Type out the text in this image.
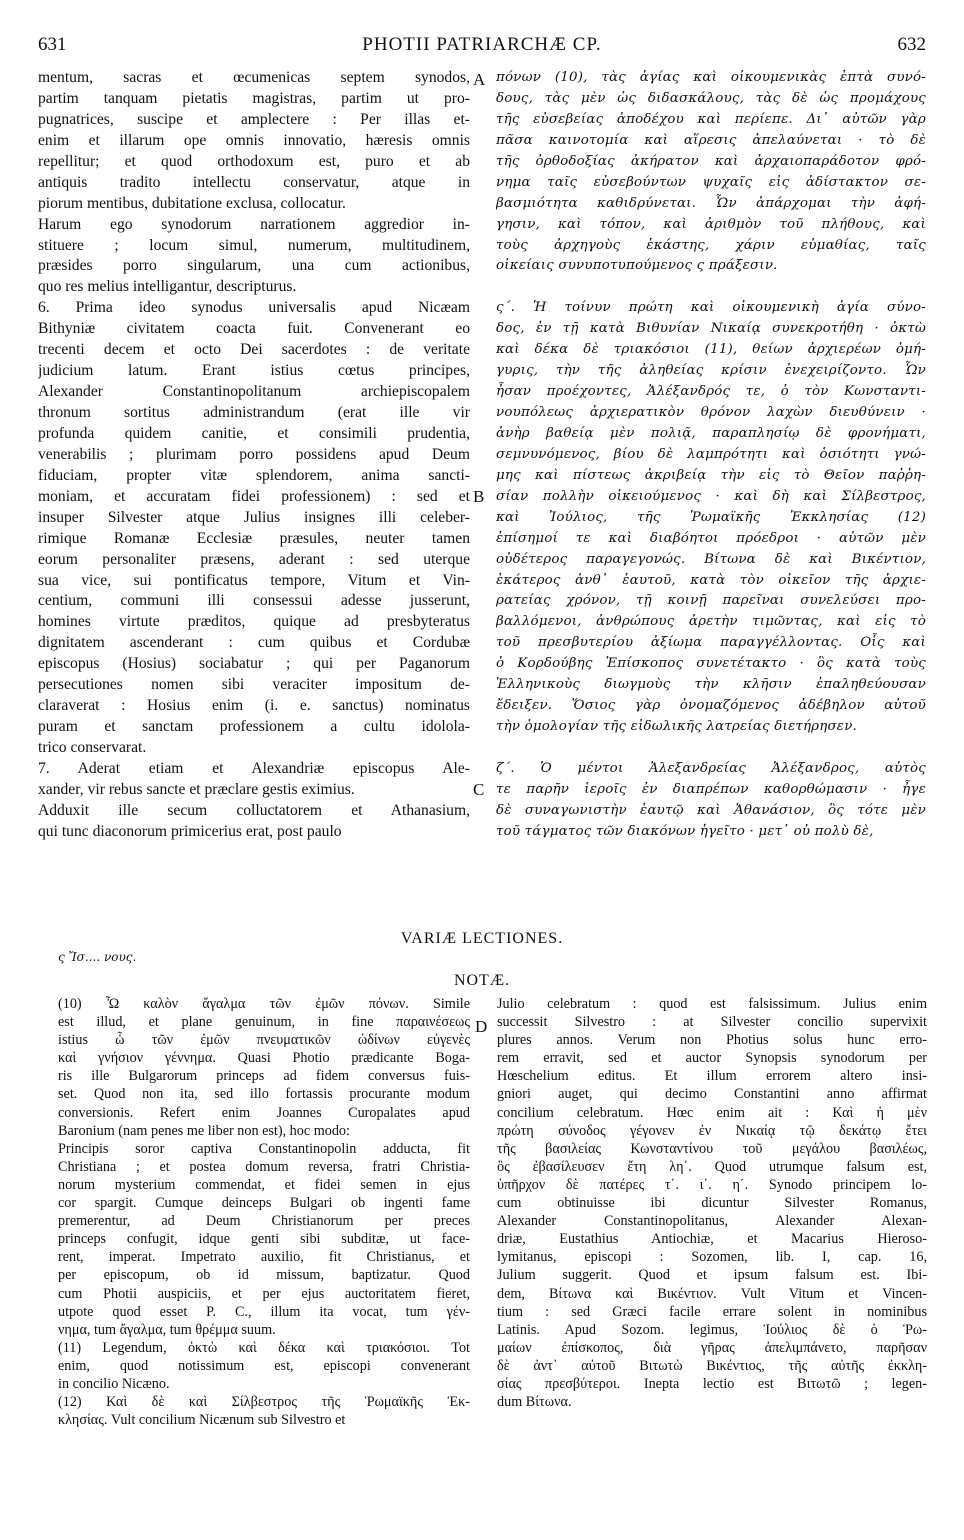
631	PHOTII PATRIARCHÆ CP.	632
mentum, sacras et œcumenicas septem synodos,
partim tanquam pietatis magistras, partim ut pro-
pugnatrices, suscipe et amplectere : Per illas et-
enim et illarum ope omnis innovatio, hæresis omnis
repellitur; et quod orthodoxum est, puro et ab
antiquis tradito intellectu conservatur, atque in
piorum mentibus, dubitatione exclusa, collocatur.
Harum ego synodorum narrationem aggredior in-
stituere ; locum simul, numerum, multitudinem,
præsides porro singularum, una cum actionibus,
quo res melius intelligantur, descripturus.
6. Prima ideo synodus universalis apud Nicæam
Bithyniæ civitatem coacta fuit. Convenerant eo
trecenti decem et octo Dei sacerdotes : de veritate
judicium latum. Erant istius cœtus principes,
Alexander Constantinopolitanum archiepiscopalem
thronum sortitus administrandum (erat ille vir
profunda quidem canitie, et consimili prudentia,
venerabilis ; plurimam porro possidens apud Deum
fiduciam, propter vitæ splendorem, anima sancti-
moniam, et accuratam fidei professionem) : sed et
insuper Silvester atque Julius insignes illi celeber-
rimique Romanæ Ecclesiæ præsules, neuter tamen
eorum personaliter præsens, aderant : sed uterque
sua vice, sui pontificatus tempore, Vitum et Vin-
centium, communi illi consessui adesse jusserunt,
homines virtute præditos, quique ad presbyteratus
dignitatem ascenderant : cum quibus et Cordubæ
episcopus (Hosius) sociabatur ; qui per Paganorum
persecutiones nomen sibi veraciter impositum de-
claraverat : Hosius enim (i. e. sanctus) nominatus
puram et sanctam professionem a cultu idolola-
trico conservarat.
7. Aderat etiam et Alexandriæ episcopus Ale-
xander, vir rebus sancte et præclare gestis eximius.
Adduxit ille secum colluctatorem et Athanasium,
qui tunc diaconorum primicerius erat, post paulo
πόνων (10), τὰς ἁγίας καὶ οἰκουμενικὰς ἑπτὰ συνό-
δους, τὰς μὲν ὡς διδασκάλους, τὰς δὲ ὡς προμάχους
τῆς εὐσεβείας ἀποδέχου καὶ περίεπε. Δι᾽ αὐτῶν γὰρ
πᾶσα καινοτομία καὶ αἵρεσις ἀπελαύνεται · τὸ δὲ
τῆς ὀρθοδοξίας ἀκήρατον καὶ ἀρχαιοπαράδοτον φρό-
νημα ταῖς εὐσεβούντων ψυχαῖς εἰς ἀδίστακτον σε-
βασμιότητα καθιδρύνεται. Ὧν ἀπάρχομαι τὴν ἀφή-
γησιν, καὶ τόπον, καὶ ἀριθμὸν τοῦ πλήθους, καὶ
τοὺς ἀρχηγοὺς ἑκάστης, χάριν εὐμαθίας, ταῖς
οἰκείαις συνυποτυπούμενος ς πράξεσιν.
ς΄. Ἡ τοίνυν πρώτη καὶ οἰκουμενικὴ ἁγία σύνο-
δος, ἐν τῇ κατὰ Βιθυνίαν Νικαίᾳ συνεκροτήθη · ὀκτὼ
καὶ δέκα δὲ τριακόσιοι (11), θείων ἀρχιερέων ὁμή-
γυρις, τὴν τῆς ἀληθείας κρίσιν ἐνεχειρίζοντο. Ὧν
ἦσαν προέχοντες, Ἀλέξανδρός τε, ὁ τὸν Κωνσταντι-
νουπόλεως ἀρχιερατικὸν θρόνον λαχὼν διευθύνειν ·
ἀνὴρ βαθείᾳ μὲν πολιᾷ, παραπλησίῳ δὲ φρονήματι,
σεμνυνόμενος, βίου δὲ λαμπρότητι καὶ ὁσιότητι γνώ-
μης καὶ πίστεως ἀκριβείᾳ τὴν εἰς τὸ Θεῖον παῤῥη-
σίαν πολλὴν οἰκειούμενος · καὶ δὴ καὶ Σίλβεστρος,
καὶ Ἰούλιος, τῆς Ῥωμαϊκῆς Ἐκκλησίας (12)
ἐπίσημοί τε καὶ διαβόητοι πρόεδροι · αὐτῶν μὲν
οὐδέτερος παραγεγονώς. Βίτωνα δὲ καὶ Βικέντιον,
ἑκάτερος ἀνθ᾽ ἑαυτοῦ, κατὰ τὸν οἰκεῖον τῆς ἀρχιε-
ρατείας χρόνον, τῇ κοινῇ παρεῖναι συνελεύσει προ-
βαλλόμενοι, ἀνθρώπους ἀρετὴν τιμῶντας, καὶ εἰς τὸ
τοῦ πρεσβυτερίου ἀξίωμα παραγγέλλοντας. Οἷς καὶ
ὁ Κορδούβης Ἐπίσκοπος συνετέτακτο · ὃς κατὰ τοὺς
Ἑλληνικοὺς διωγμοὺς τὴν κλῆσιν ἐπαληθεύουσαν
ἔδειξεν. Ὅσιος γὰρ ὀνομαζόμενος ἀδέβηλον αὐτοῦ
τὴν ὁμολογίαν τῆς εἰδωλικῆς λατρείας διετήρησεν.
ζ΄. Ὁ μέντοι Ἀλεξανδρείας Ἀλέξανδρος, αὐτὸς
τε παρῆν ἱεροῖς ἐν διαπρέπων καθορθώμασιν · ἦγε
δὲ συναγωνιστὴν ἑαυτῷ καὶ Ἀθανάσιον, ὃς τότε μὲν
τοῦ τάγματος τῶν διακόνων ἡγεῖτο · μετ᾽ οὐ πολὺ δὲ,
A
B
C
D
VARIÆ LECTIONES.
ς Ἴσ.... νους.
NOTÆ.
(10) Ὦ καλὸν ἄγαλμα τῶν ἐμῶν πόνων. Simile
est illud, et plane genuinum, in fine παραινέσεως
istius ὦ τῶν ἐμῶν πνευματικῶν ὠδίνων εὐγενὲς
καὶ γνήσιον γέννημα. Quasi Photio prædicante Boga-
ris ille Bulgarorum princeps ad fidem conversus fuis-
set. Quod non ita, sed illo fortassis procurante modum
conversionis. Refert enim Joannes Curopalates apud
Baronium (nam penes me liber non est), hoc modo:
Principis soror captiva Constantinopolin adducta, fit
Christiana ; et postea domum reversa, fratri Christia-
norum mysterium commendat, et fidei semen in ejus
cor spargit. Cumque deinceps Bulgari ob ingenti fame
premerentur, ad Deum Christianorum per preces
princeps confugit, idque genti sibi subditæ, ut face-
rent, imperat. Impetrato auxilio, fit Christianus, et
per episcopum, ob id missum, baptizatur. Quod
cum Photii auspiciis, et per ejus auctoritatem fieret,
utpote quod esset P. C., illum ita vocat, tum γέν-
νημα, tum ἄγαλμα, tum θρέμμα suum.
(11) Legendum, ὀκτὼ καὶ δέκα καὶ τριακόσιοι. Tot
enim, quod notissimum est, episcopi convenerant
in concilio Nicæno.
(12) Καὶ δὲ καὶ Σίλβεστρος τῆς Ῥωμαϊκῆς Ἐκ-
κλησίας. Vult concilium Nicænum sub Silvestro et
Julio celebratum : quod est falsissimum. Julius enim
successit Silvestro : at Silvester concilio supervixit
plures annos. Verum non Photius solus hunc erro-
rem erravit, sed et auctor Synopsis synodorum per
Hœschelium editus. Et illum errorem altero insi-
gniori auget, qui decimo Constantini anno affirmat
concilium celebratum. Hœc enim ait : Καὶ ἡ μὲν
πρώτη σύνοδος γέγονεν ἐν Νικαίᾳ τῷ δεκάτῳ ἔτει
τῆς βασιλείας Κωνσταντίνου τοῦ μεγάλου βασιλέως,
ὃς ἐβασίλευσεν ἔτη λη΄. Quod utrumque falsum est,
ὑπῆρχον δὲ πατέρες τ΄. ι΄. η΄. Synodo principem lo-
cum obtinuisse ibi dicuntur Silvester Romanus,
Alexander Constantinopolitanus, Alexander Alexan-
driæ, Eustathius Antiochiæ, et Macarius Hieroso-
lymitanus, episcopi : Sozomen, lib. I, cap. 16,
Julium suggerit. Quod et ipsum falsum est. Ibi-
dem, Βίτωνα καὶ Βικέντιον. Vult Vitum et Vincen-
tium : sed Græci facile errare solent in nominibus
Latinis. Apud Sozom. legimus, Ἰούλιος δὲ ὁ Ῥω-
μαίων ἐπίσκοπος, διὰ γῆρας ἀπελιμπάνετο, παρῆσαν
δὲ ἀντ᾽ αὐτοῦ Βιτωτὼ Βικέντιος, τῆς αὐτῆς ἐκκλη-
σίας πρεσβύτεροι. Inepta lectio est Βιτωτῶ ; legen-
dum Βίτωνα.
